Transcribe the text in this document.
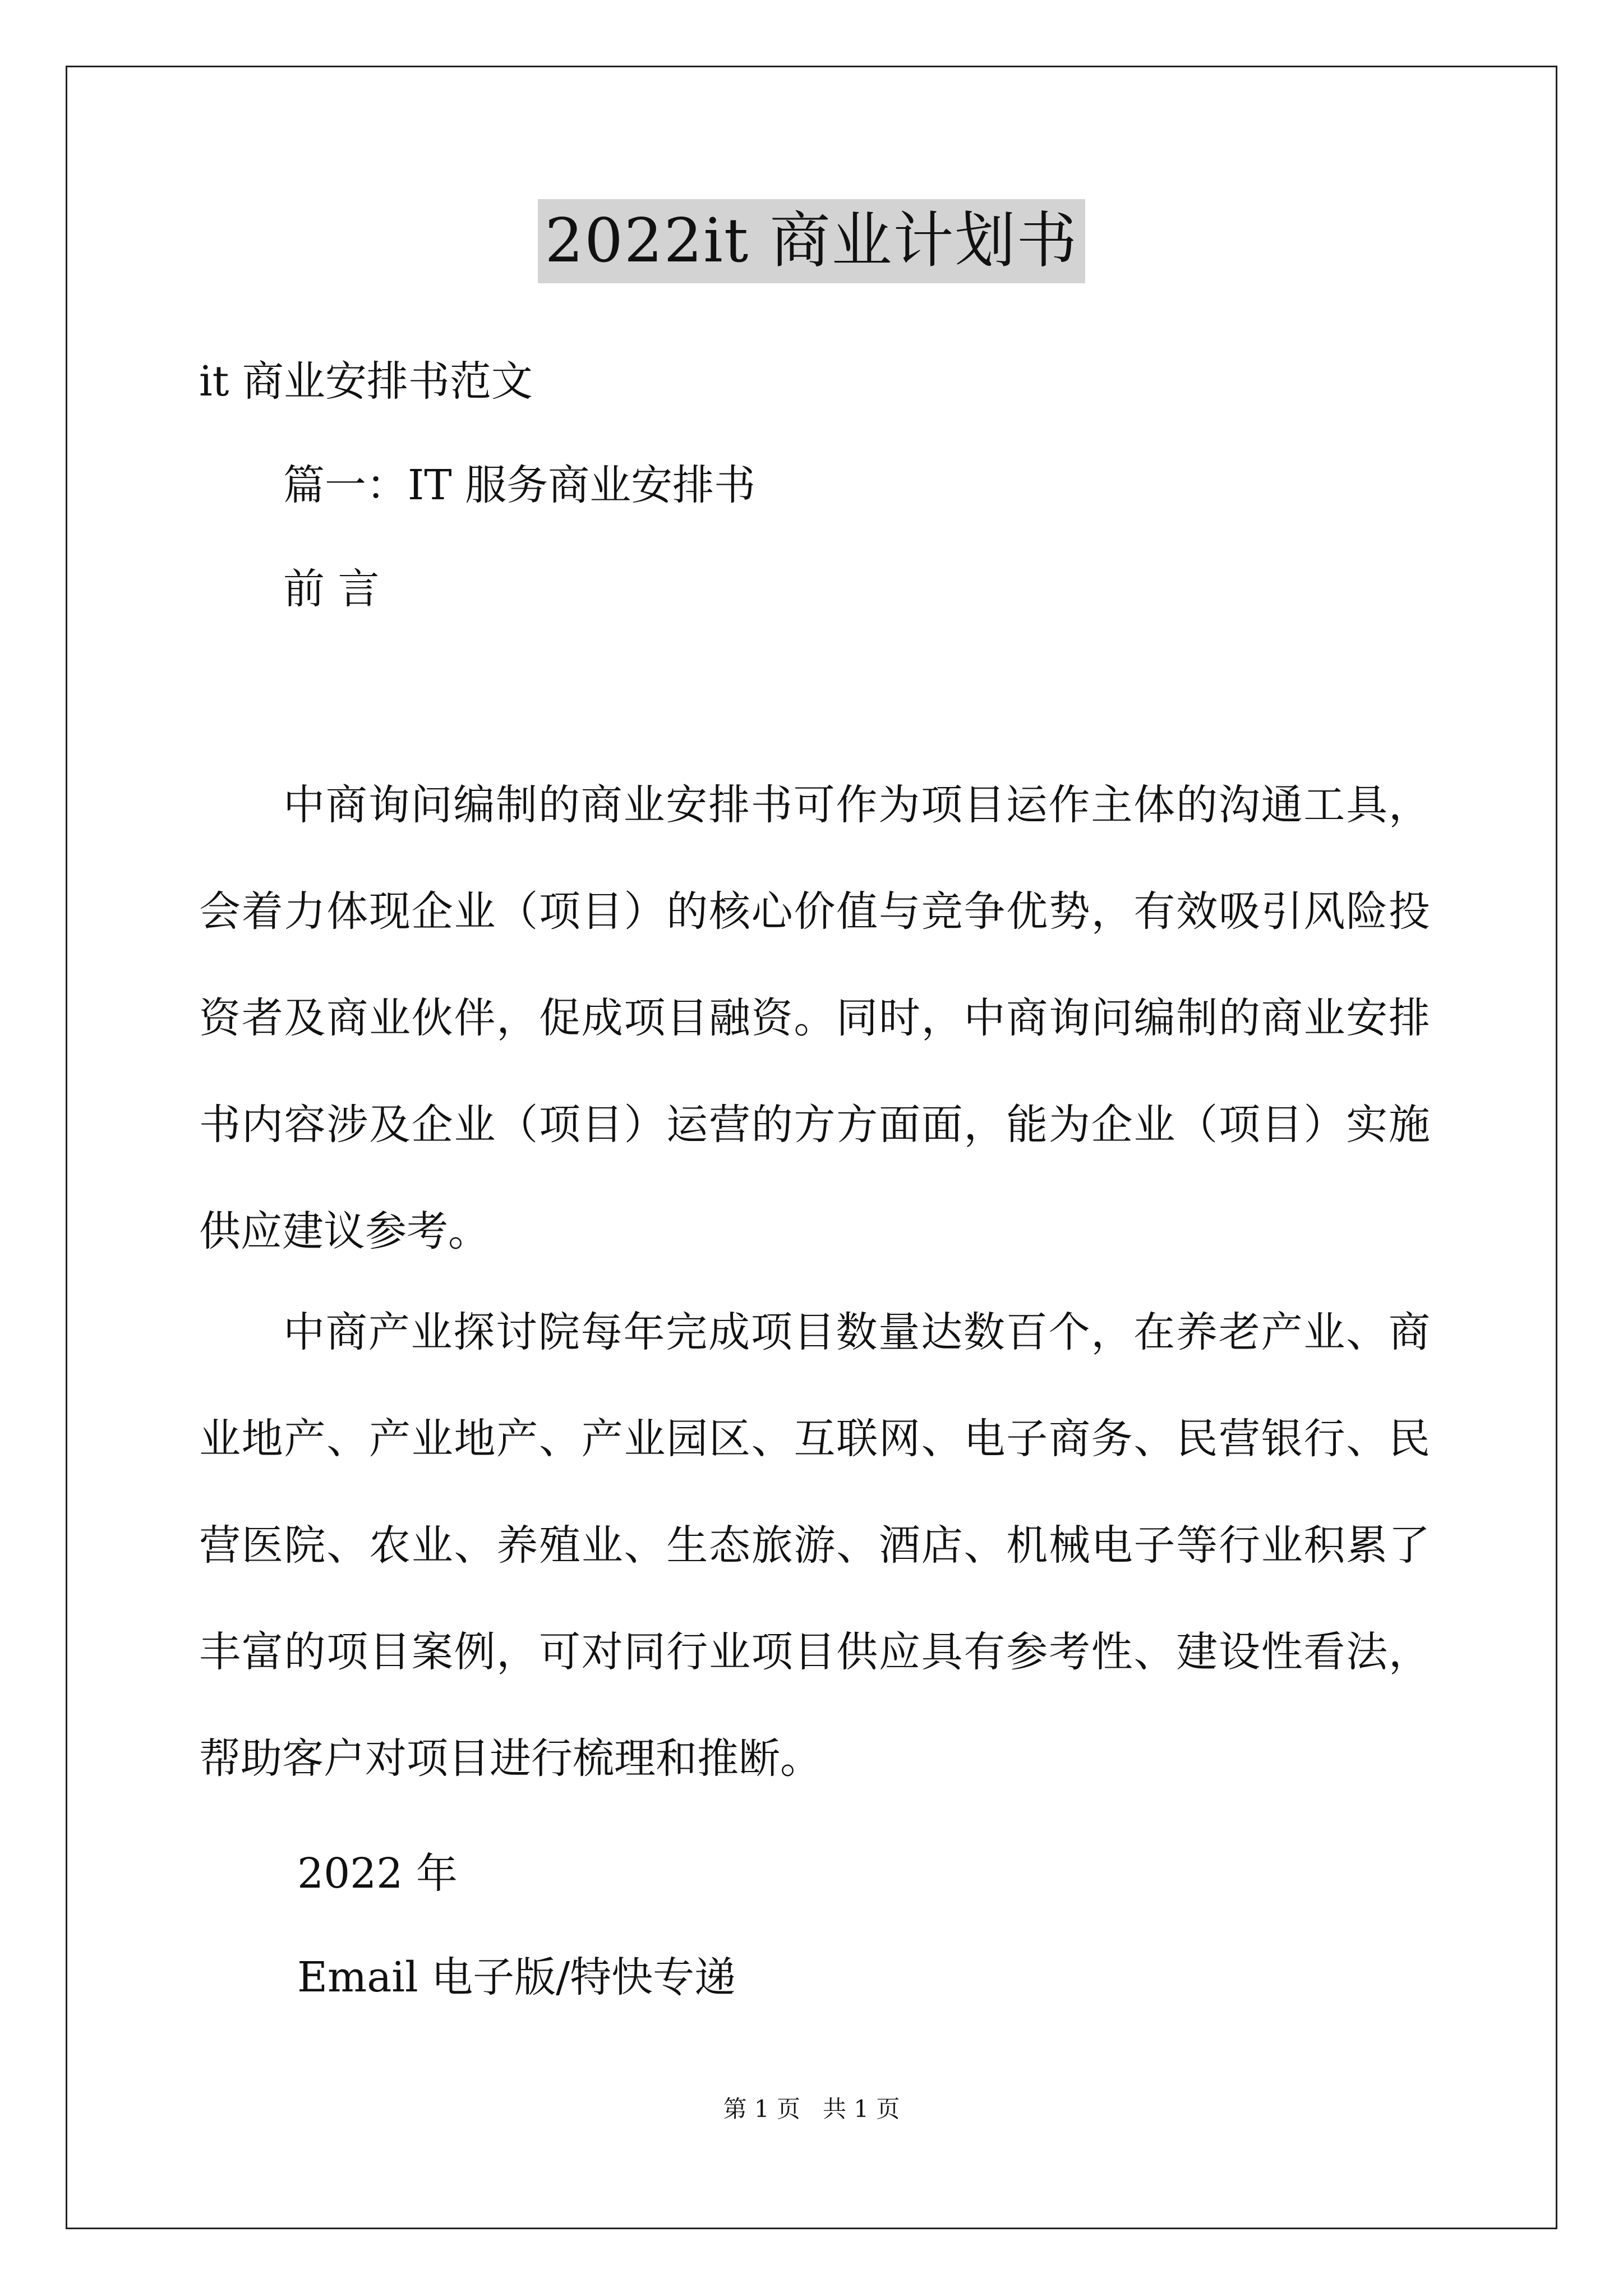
2022it 商业计划书
it 商业安排书范文
篇一：IT 服务商业安排书
前 言

中商询问编制的商业安排书可作为项目运作主体的沟通工具，会着力体现企业（项目）的核心价值与竞争优势，有效吸引风险投资者及商业伙伴，促成项目融资。同时，中商询问编制的商业安排书内容涉及企业（项目）运营的方方面面，能为企业（项目）实施供应建议参考。

中商产业探讨院每年完成项目数量达数百个，在养老产业、商业地产、产业地产、产业园区、互联网、电子商务、民营银行、民营医院、农业、养殖业、生态旅游、酒店、机械电子等行业积累了丰富的项目案例，可对同行业项目供应具有参考性、建设性看法，帮助客户对项目进行梳理和推断。

2022 年
Email 电子版/特快专递
第 1 页 共 1 页
